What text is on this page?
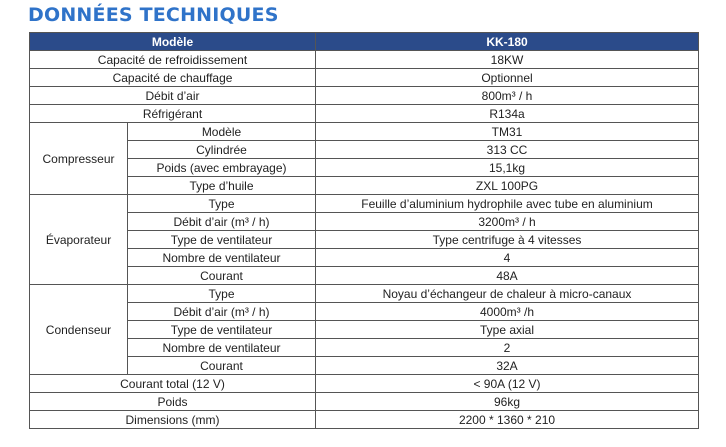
DONNÉES TECHNIQUES
Modèle		KK-180
Capacité de refroidissement		18KW
Capacité de chauffage		Optionnel
Débit d’air		800m³ / h
Réfrigérant		R134a
Compresseur	Modèle	TM31
	Cylindrée	313 CC
	Poids (avec embrayage)	15,1kg
	Type d’huile	ZXL 100PG
Évaporateur	Type	Feuille d’aluminium hydrophile avec tube en aluminium
	Débit d’air (m³ / h)	3200m³ / h
	Type de ventilateur	Type centrifuge à 4 vitesses
	Nombre de ventilateur	4
	Courant	48A
Condenseur	Type	Noyau d’échangeur de chaleur à micro-canaux
	Débit d’air (m³ / h)	4000m³ /h
	Type de ventilateur	Type axial
	Nombre de ventilateur	2
	Courant	32A
Courant total (12 V)		< 90A (12 V)
Poids		96kg
Dimensions (mm)		2200 * 1360 * 210
